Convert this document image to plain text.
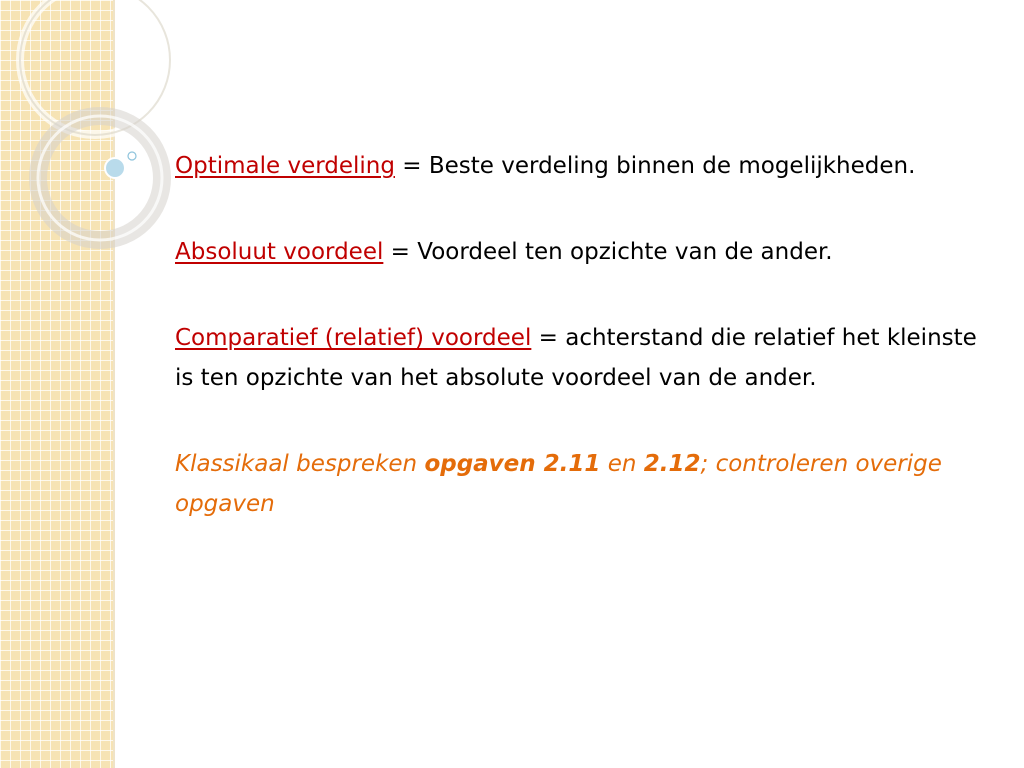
Optimale verdeling = Beste verdeling binnen de mogelijkheden.

Absoluut voordeel = Voordeel ten opzichte van de ander.

Comparatief (relatief) voordeel = achterstand die relatief het kleinste is ten opzichte van het absolute voordeel van de ander.

Klassikaal bespreken opgaven 2.11 en 2.12; controleren overige opgaven
